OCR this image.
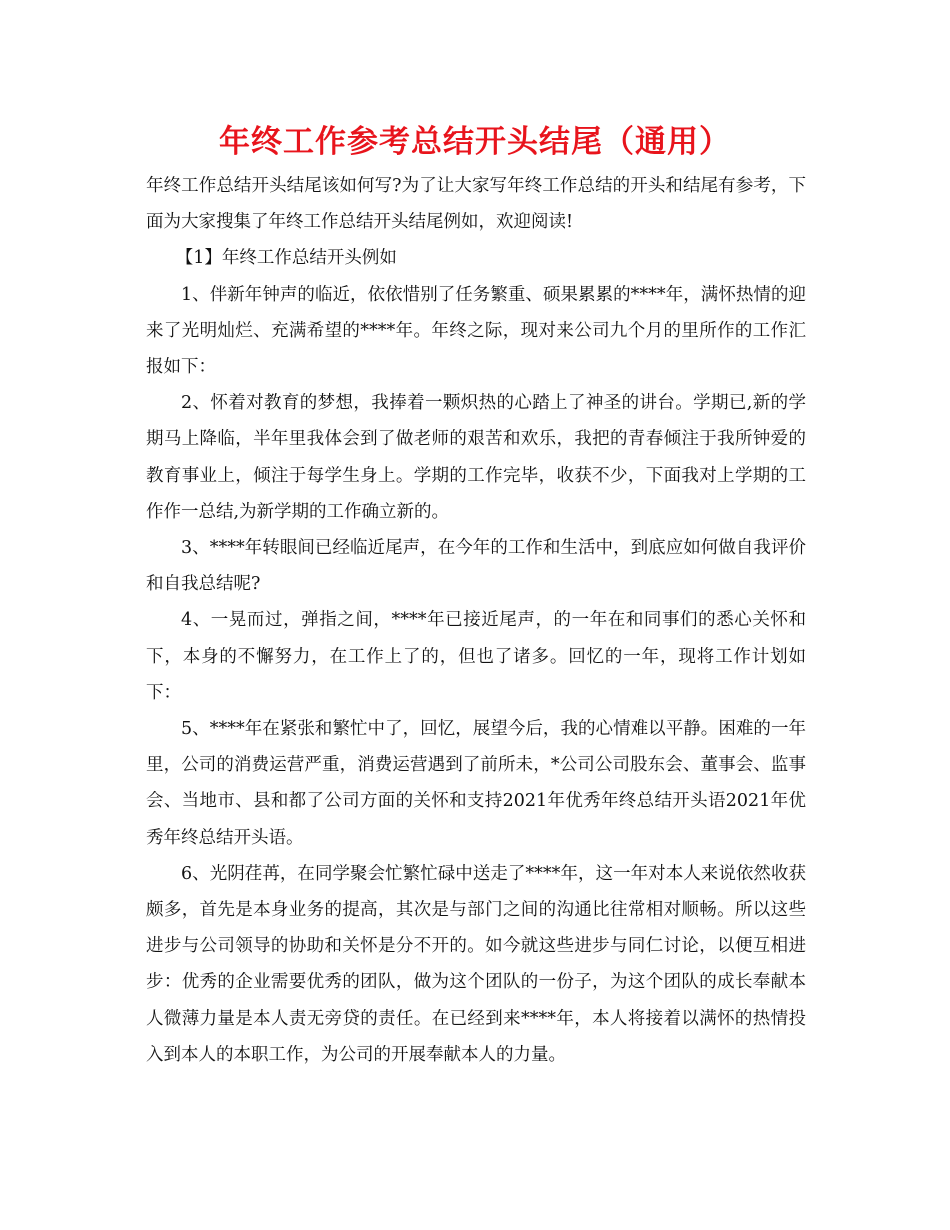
年终工作参考总结开头结尾（通用）

年终工作总结开头结尾该如何写?为了让大家写年终工作总结的开头和结尾有参考，下面为大家搜集了年终工作总结开头结尾例如，欢迎阅读!

【1】年终工作总结开头例如

1、伴新年钟声的临近，依依惜别了任务繁重、硕果累累的****年，满怀热情的迎来了光明灿烂、充满希望的****年。年终之际，现对来公司九个月的里所作的工作汇报如下：

2、怀着对教育的梦想，我捧着一颗炽热的心踏上了神圣的讲台。学期已,新的学期马上降临，半年里我体会到了做老师的艰苦和欢乐，我把的青春倾注于我所钟爱的教育事业上，倾注于每学生身上。学期的工作完毕，收获不少，下面我对上学期的工作作一总结,为新学期的工作确立新的。

3、****年转眼间已经临近尾声，在今年的工作和生活中，到底应如何做自我评价和自我总结呢?

4、一晃而过，弹指之间，****年已接近尾声，的一年在和同事们的悉心关怀和下，本身的不懈努力，在工作上了的，但也了诸多。回忆的一年，现将工作计划如下：

5、****年在紧张和繁忙中了，回忆，展望今后，我的心情难以平静。困难的一年里，公司的消费运营严重，消费运营遇到了前所未，*公司公司股东会、董事会、监事会、当地市、县和都了公司方面的关怀和支持2021年优秀年终总结开头语2021年优秀年终总结开头语。

6、光阴荏苒，在同学聚会忙繁忙碌中送走了****年，这一年对本人来说依然收获颇多，首先是本身业务的提高，其次是与部门之间的沟通比往常相对顺畅。所以这些进步与公司领导的协助和关怀是分不开的。如今就这些进步与同仁讨论，以便互相进步：优秀的企业需要优秀的团队，做为这个团队的一份子，为这个团队的成长奉献本人微薄力量是本人责无旁贷的责任。在已经到来****年，本人将接着以满怀的热情投入到本人的本职工作，为公司的开展奉献本人的力量。
